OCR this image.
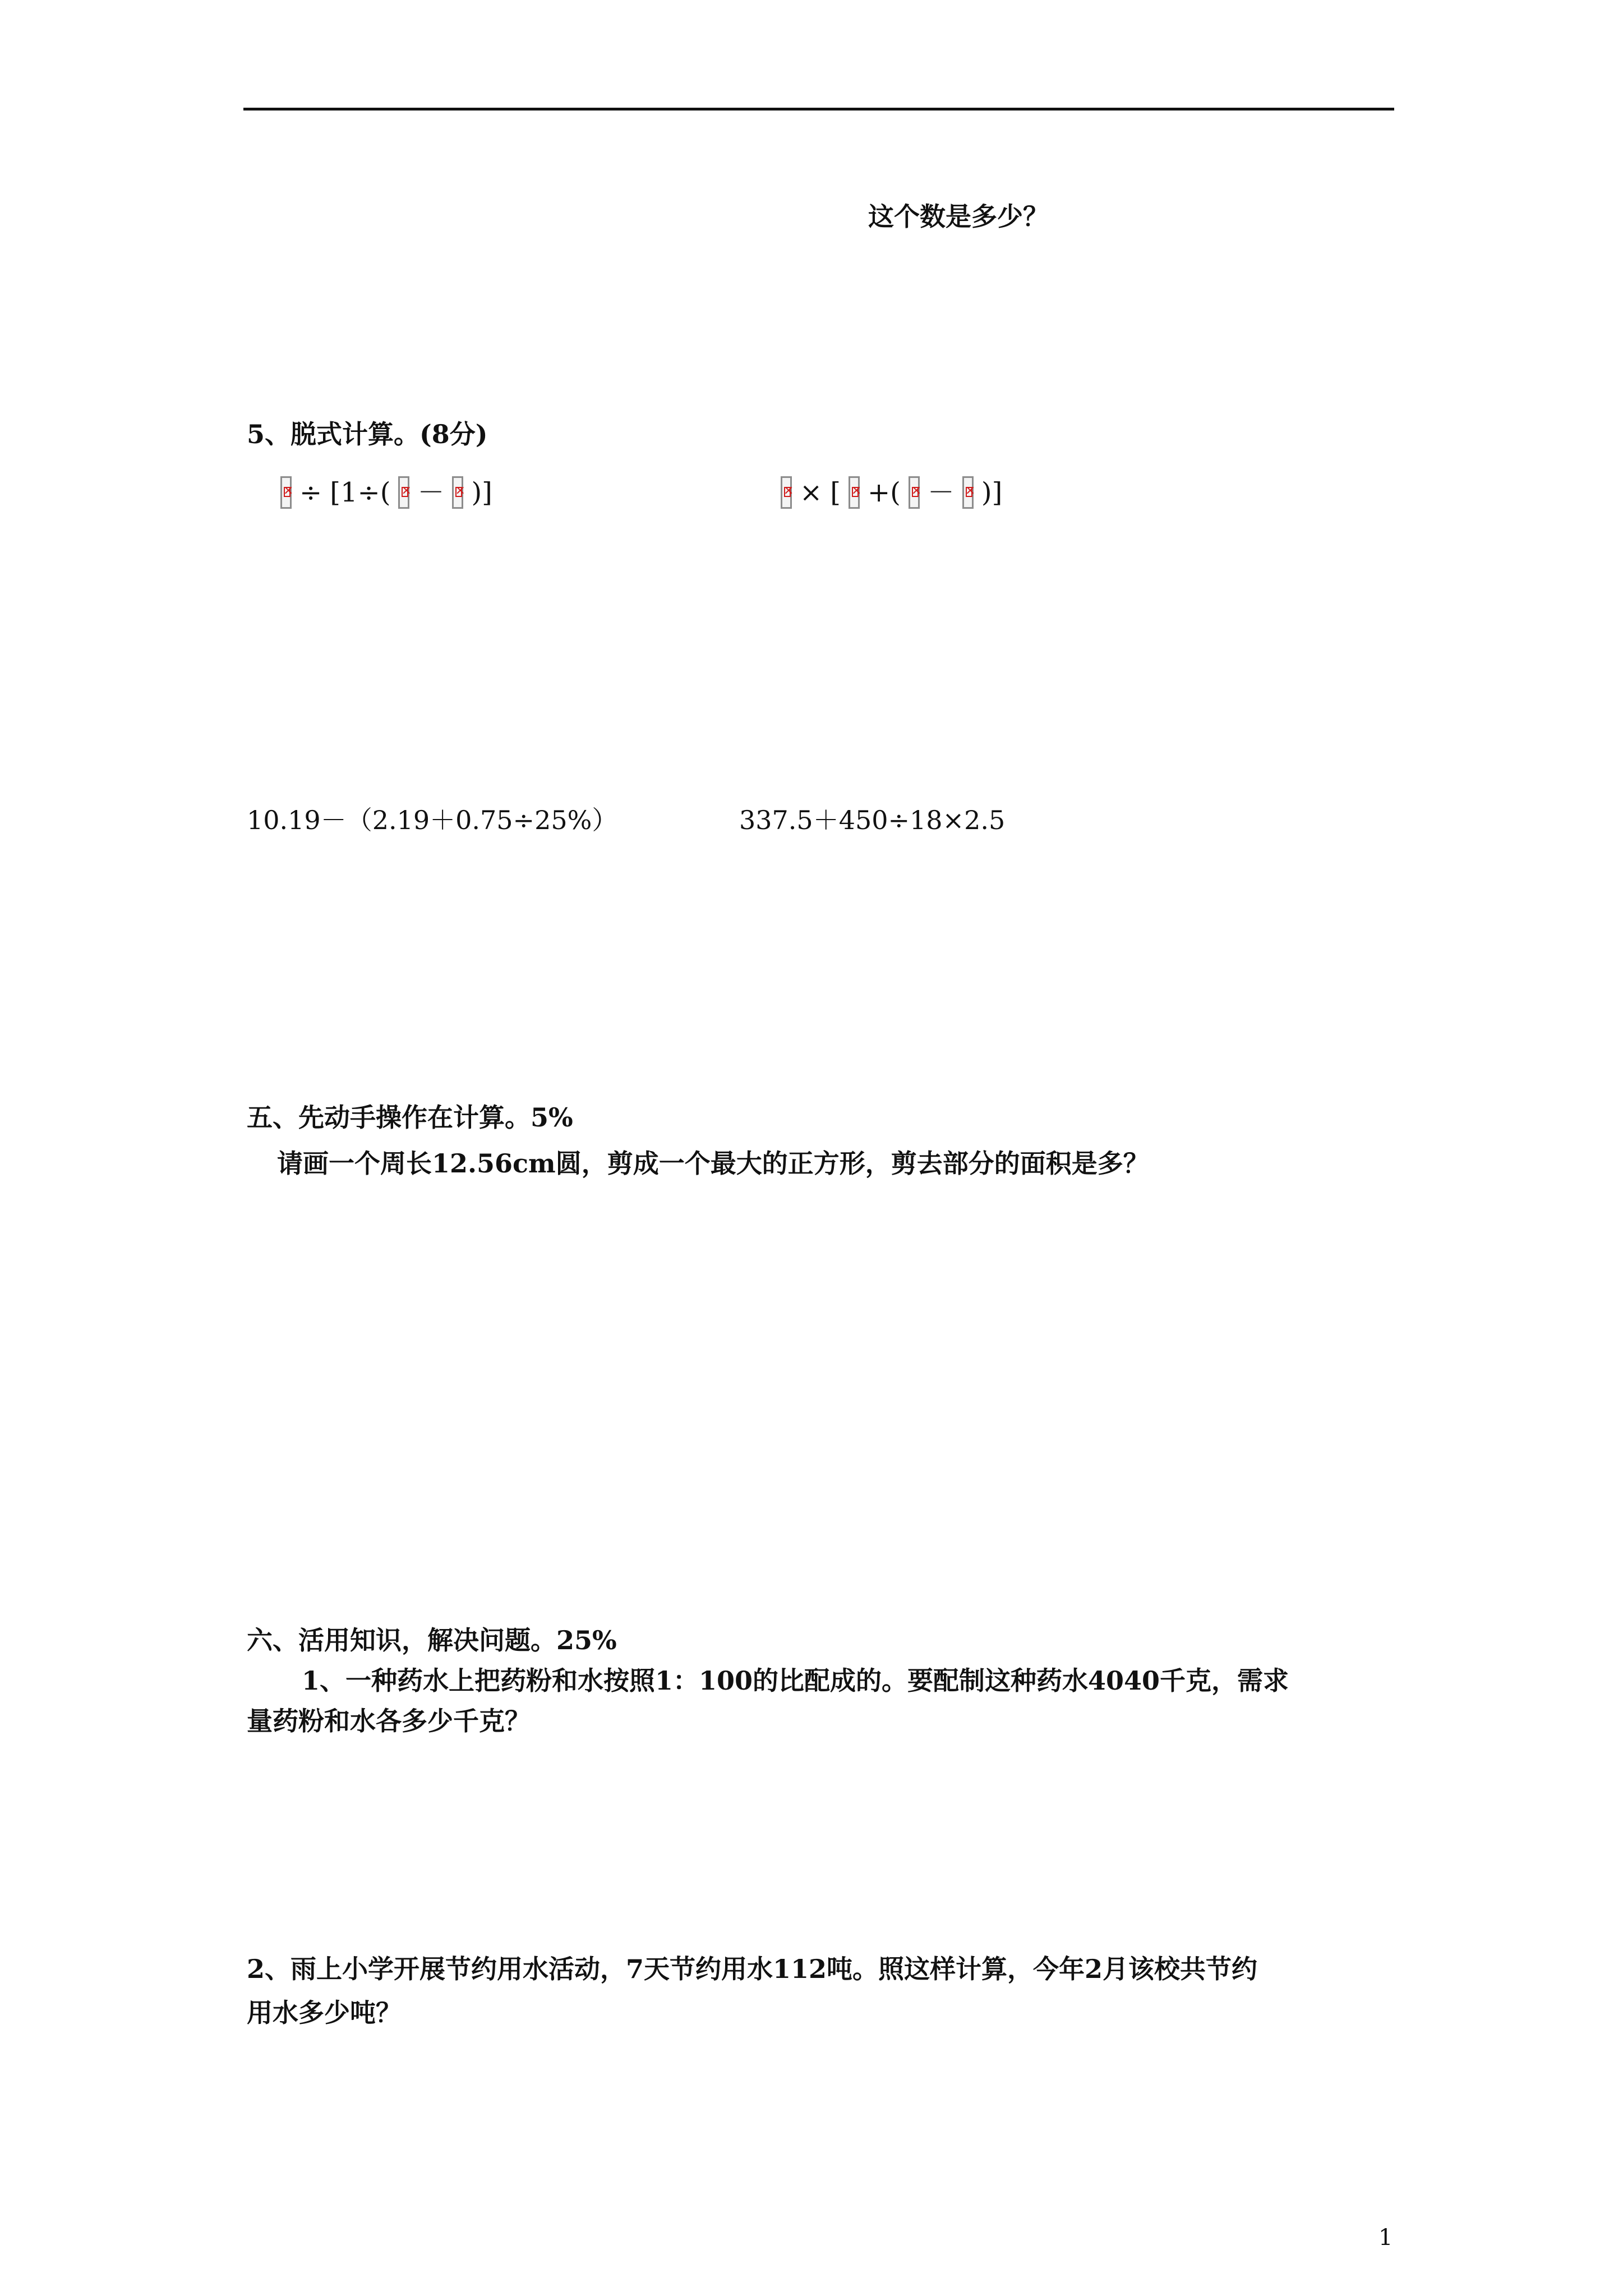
这个数是多少？
5、脱式计算。(8分)
×
÷ [1÷( × － × )] ×	× [ × +( × － × )]
10.19－（2.19＋0.75÷25%）	337.5＋450÷18×2.5
五、先动手操作在计算。5%
请画一个周长12.56cm圆，剪成一个最大的正方形，剪去部分的面积是多？
六、活用知识，解决问题。25%
1、一种药水上把药粉和水按照1：100的比配成的。要配制这种药水4040千克，需求
量药粉和水各多少千克？
2、雨上小学开展节约用水活动，7天节约用水112吨。照这样计算，今年2月该校共节约
用水多少吨？
1
